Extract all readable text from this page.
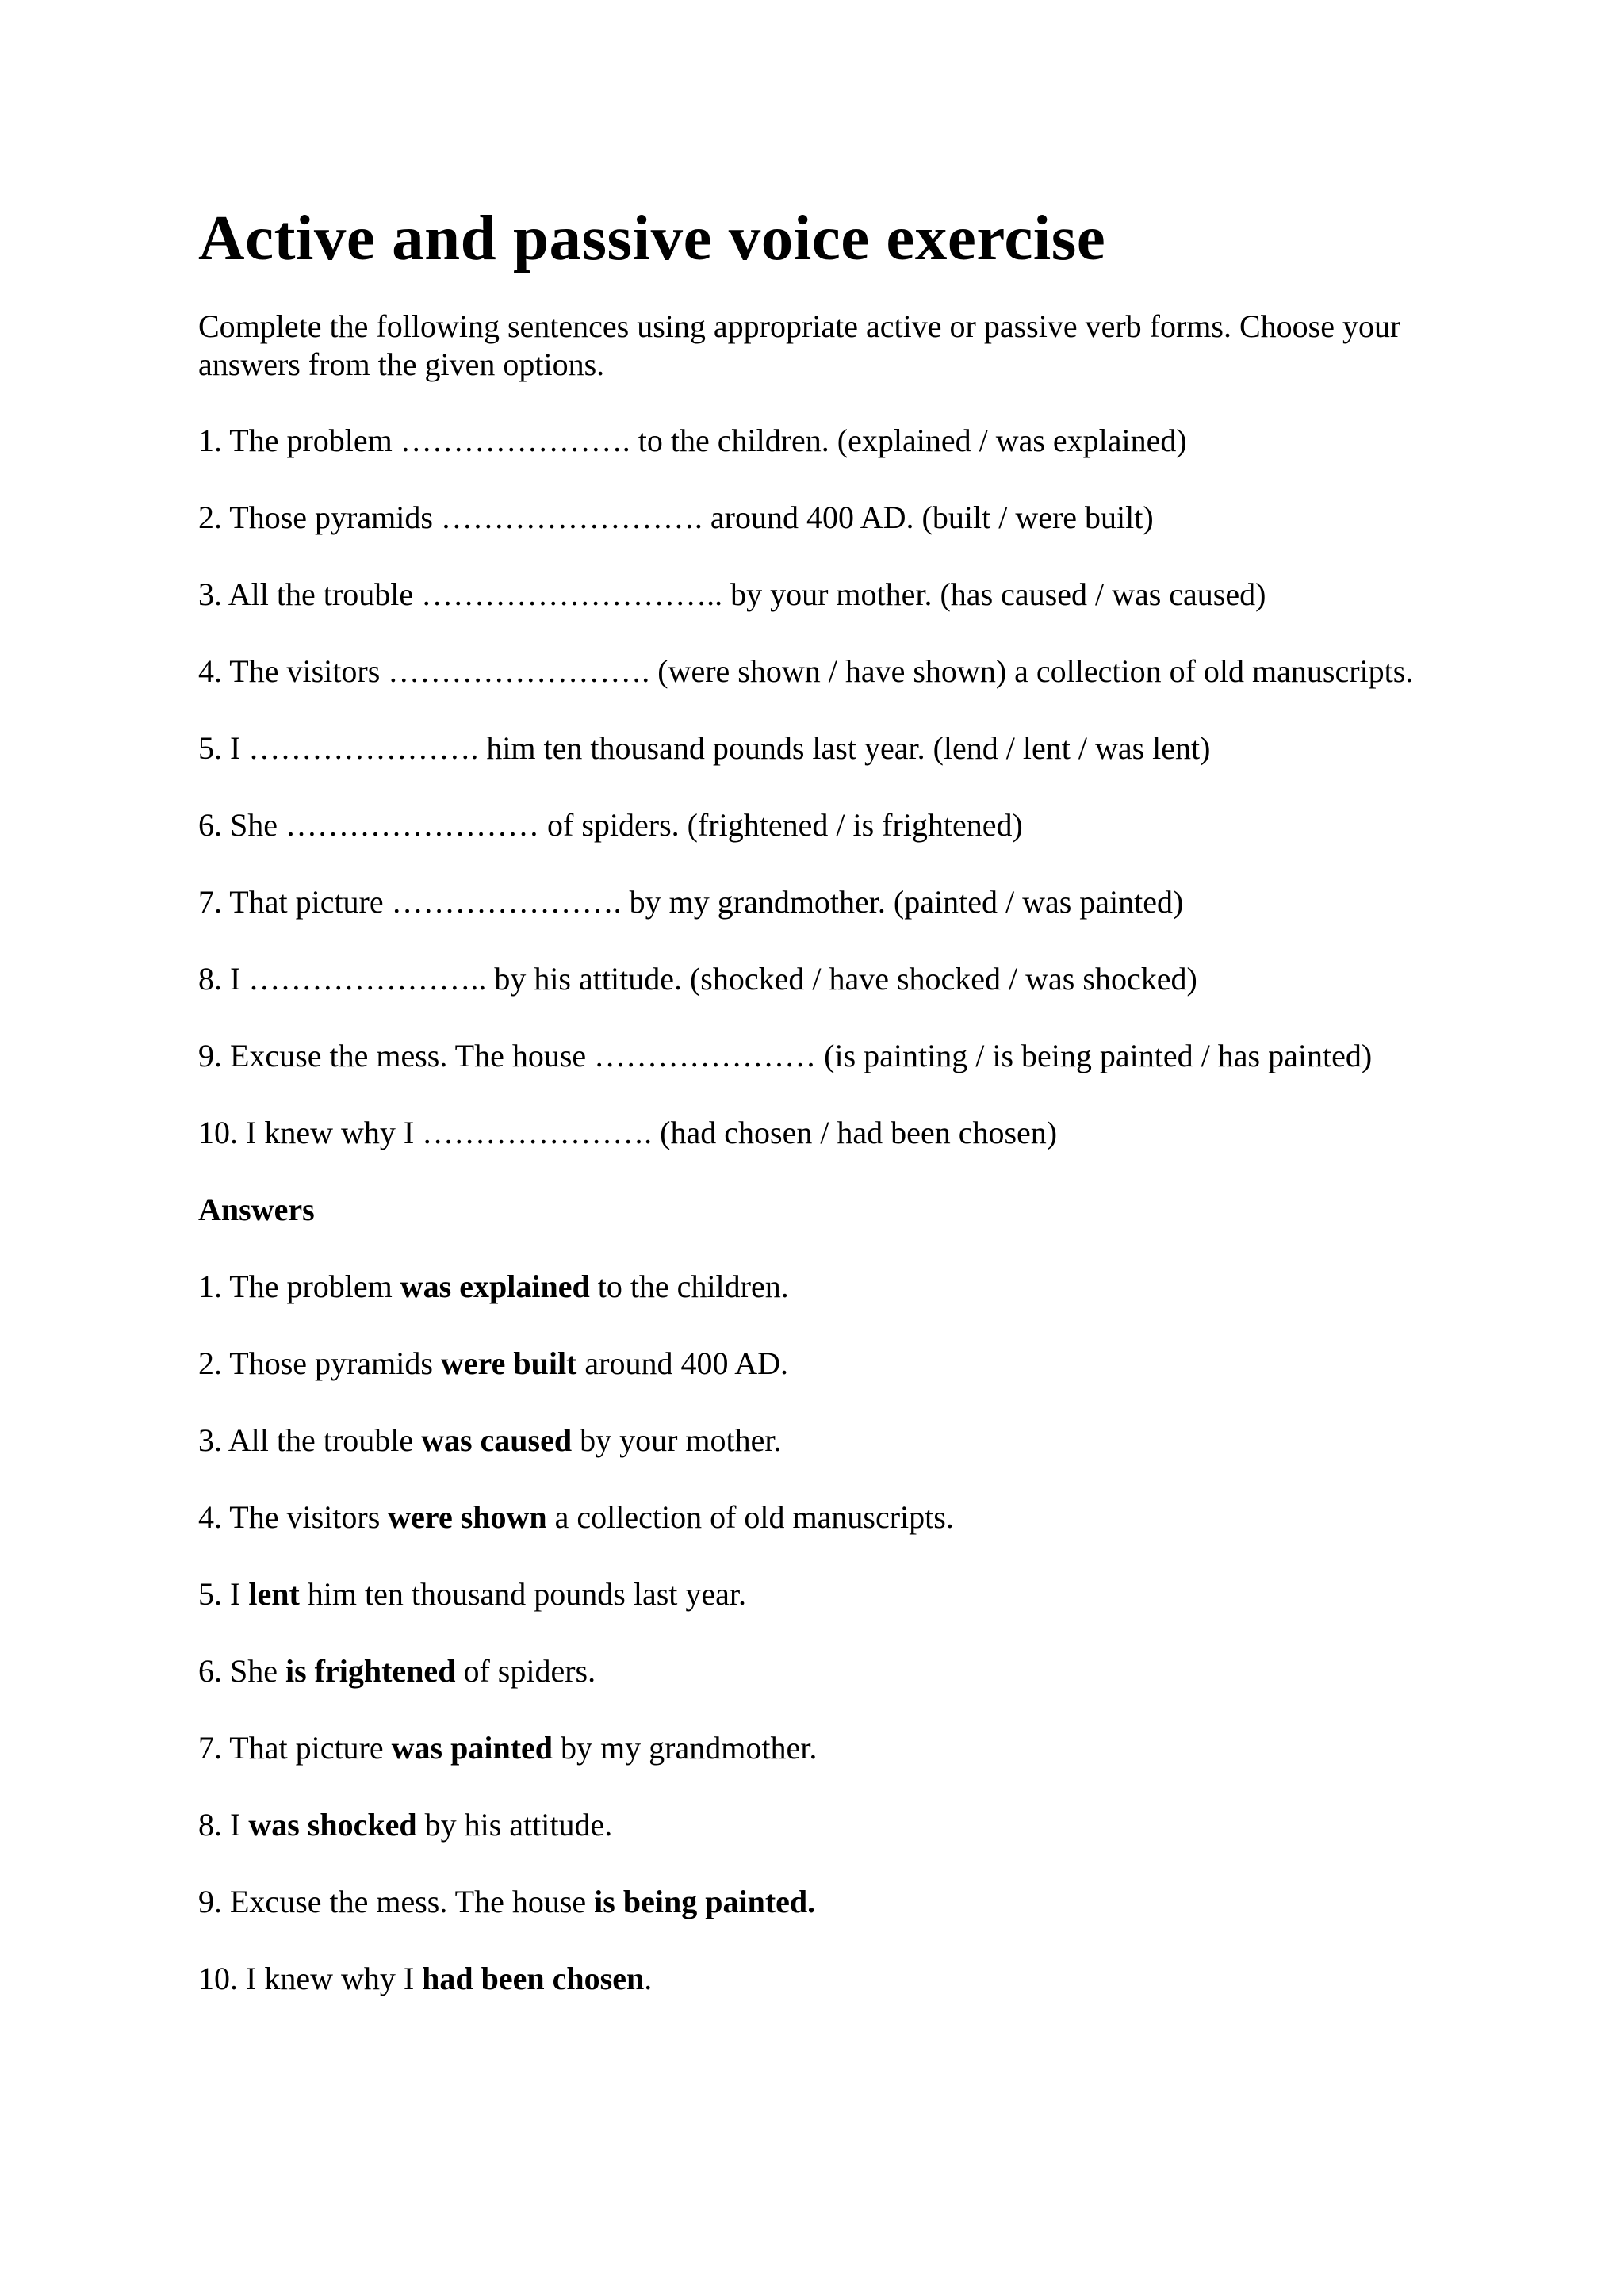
Active and passive voice exercise

Complete the following sentences using appropriate active or passive verb forms. Choose your answers from the given options.

1. The problem …………………. to the children. (explained / was explained)
2. Those pyramids ……………………. around 400 AD. (built / were built)
3. All the trouble ……………………….. by your mother. (has caused / was caused)
4. The visitors ……………………. (were shown / have shown) a collection of old manuscripts.
5. I …………………. him ten thousand pounds last year. (lend / lent / was lent)
6. She …………………… of spiders. (frightened / is frightened)
7. That picture …………………. by my grandmother. (painted / was painted)
8. I ………………….. by his attitude. (shocked / have shocked / was shocked)
9. Excuse the mess. The house ………………… (is painting / is being painted / has painted)
10. I knew why I …………………. (had chosen / had been chosen)

Answers

1. The problem was explained to the children.
2. Those pyramids were built around 400 AD.
3. All the trouble was caused by your mother.
4. The visitors were shown a collection of old manuscripts.
5. I lent him ten thousand pounds last year.
6. She is frightened of spiders.
7. That picture was painted by my grandmother.
8. I was shocked by his attitude.
9. Excuse the mess. The house is being painted.
10. I knew why I had been chosen.
